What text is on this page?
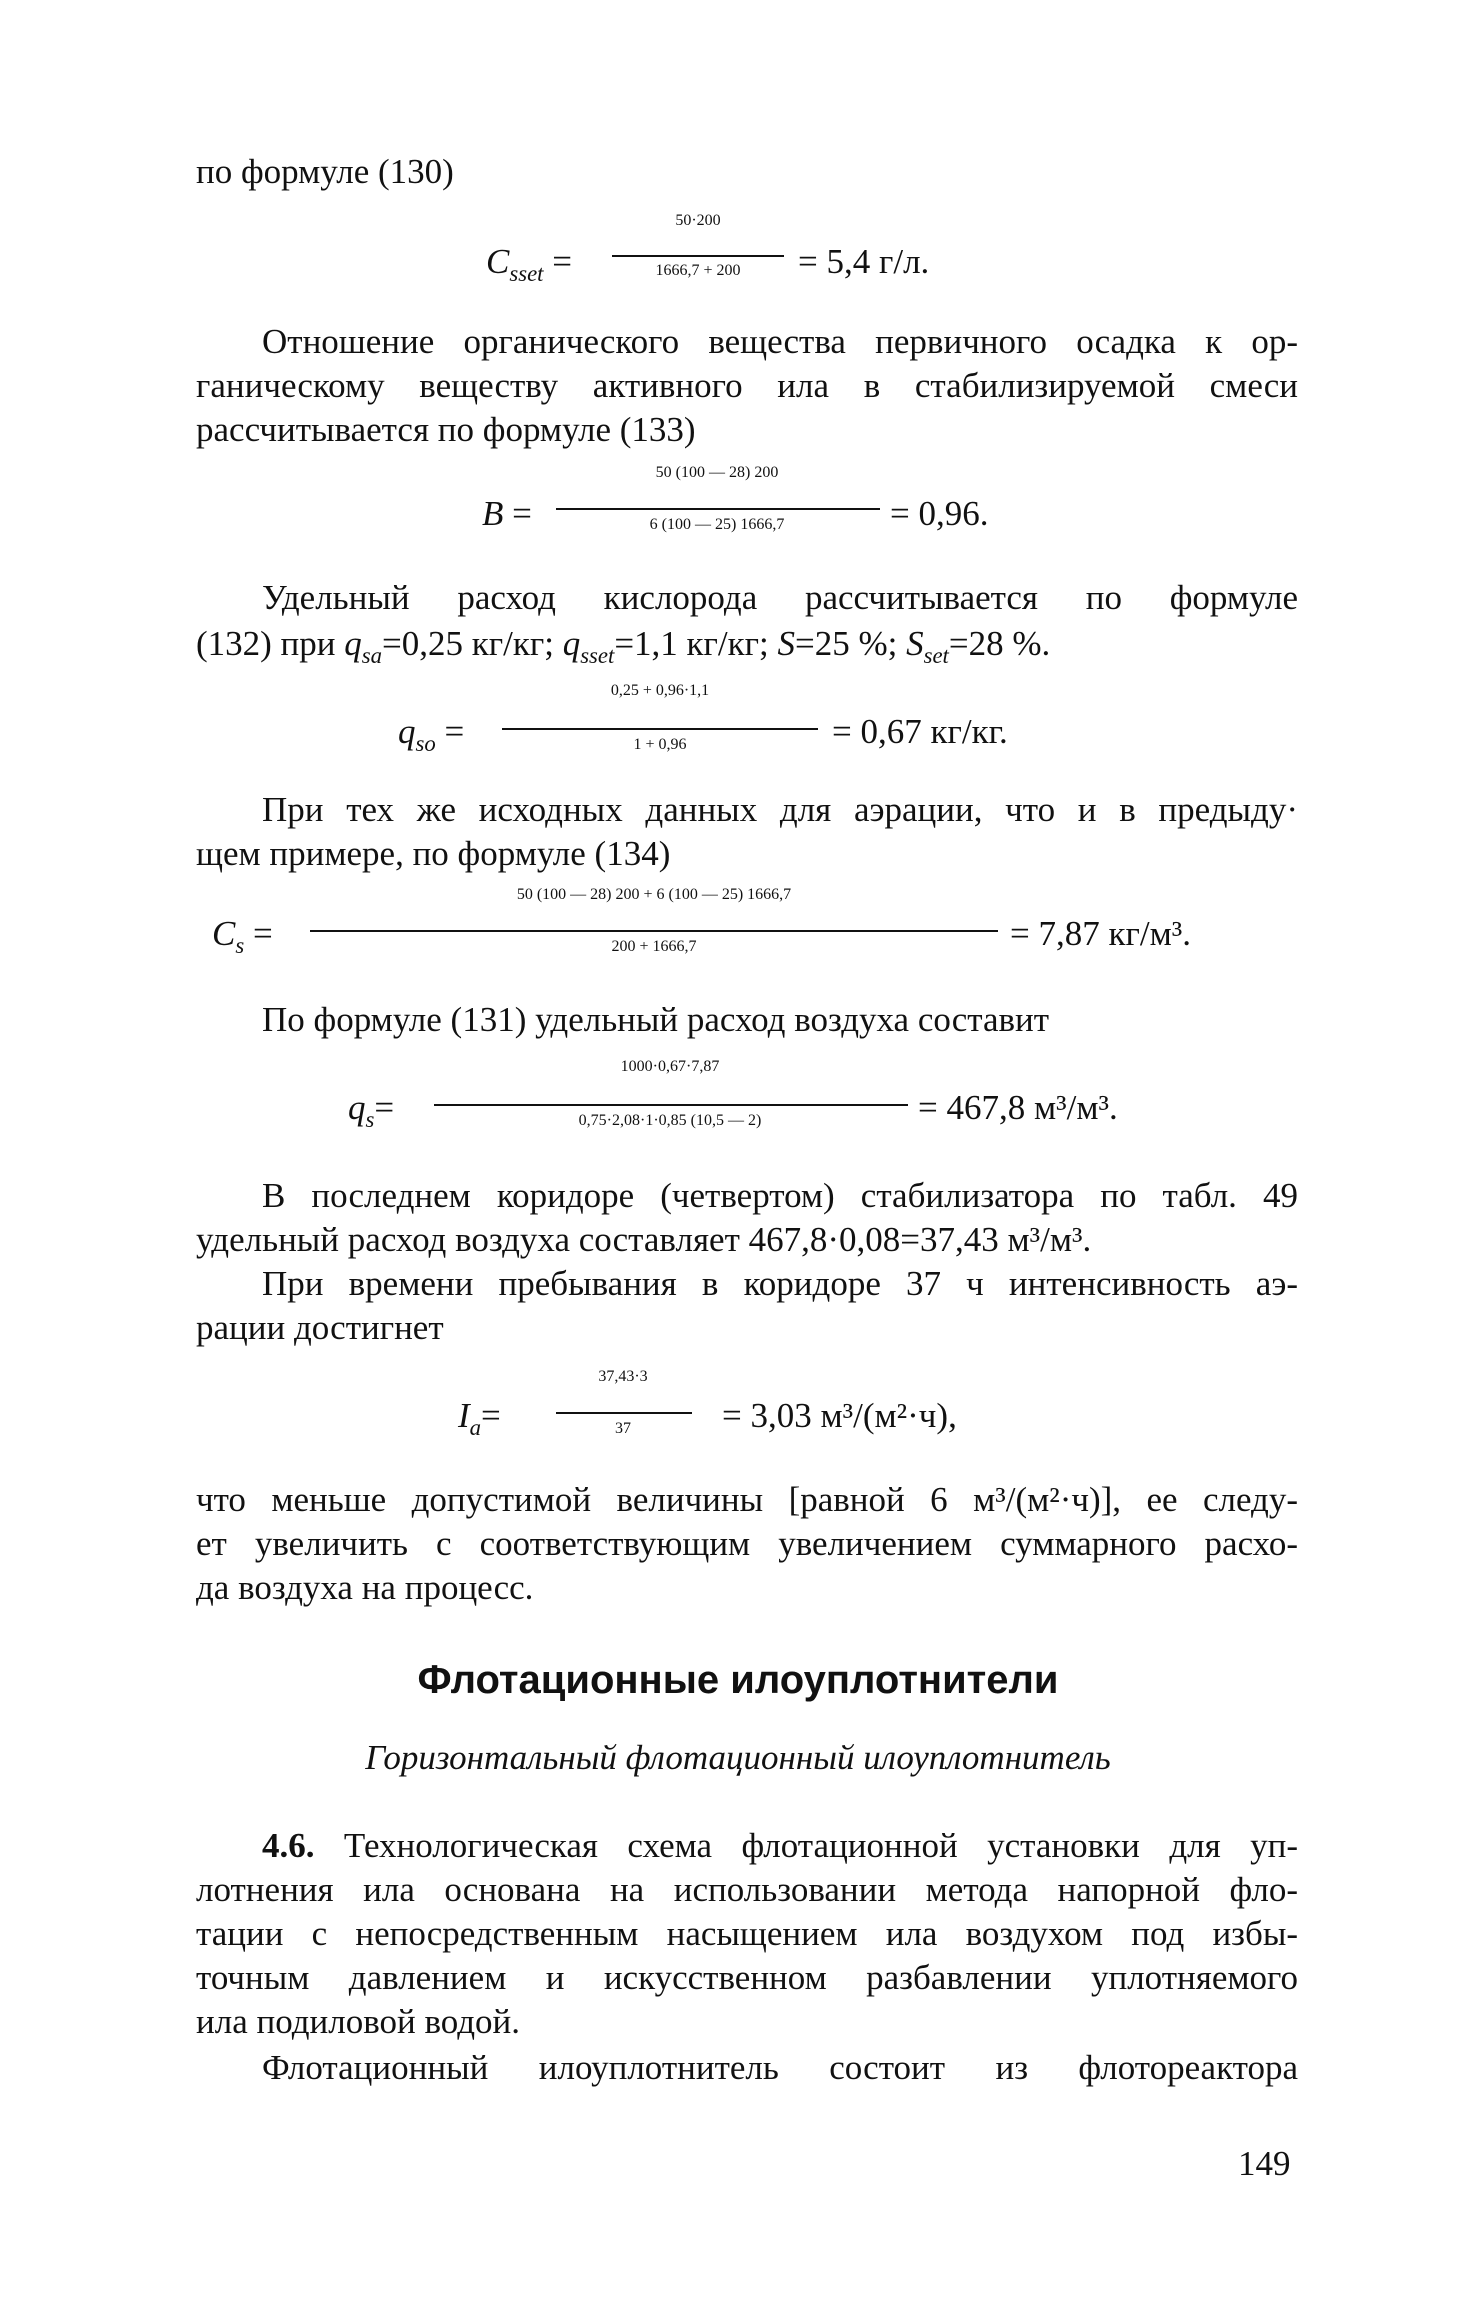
по формуле (130)
$C_{sset}$ =
50·200
1666,7 + 200	= 5,4 г/л.
Отношение органического вещества первичного осадка к ор-
ганическому веществу активного ила в стабилизируемой смеси
рассчитывается по формуле (133)
B =
50 (100 — 28) 200
6 (100 — 25) 1666,7	= 0,96.
Удельный расход кислорода рассчитывается по формуле
(132) при $q_{sa}=0,25$ кг/кг; $q_{sset}=1,1$ кг/кг; S=25 %; $S_{set}=28$ %.
$q_{so}$ =
0,25 + 0,96·1,1
1 + 0,96	= 0,67 кг/кг.
При тех же исходных данных для аэрации, что и в предыду·
щем примере, по формуле (134)
$C_s$ =
50 (100 — 28) 200 + 6 (100 — 25) 1666,7
200 + 1666,7	= 7,87 кг/м³.
По формуле (131) удельный расход воздуха составит
$q_s=$
1000·0,67·7,87
0,75·2,08·1·0,85 (10,5 — 2)	= 467,8 м³/м³.
В последнем коридоре (четвертом) стабилизатора по табл. 49
удельный расход воздуха составляет 467,8·0,08=37,43 м³/м³.
При времени пребывания в коридоре 37 ч интенсивность аэ-
рации достигнет
$I_a=$
37,43·3
37	= 3,03 м³/(м²·ч),
что меньше допустимой величины [равной 6 м³/(м²·ч)], ее следу-
ет увеличить с соответствующим увеличением суммарного расхо-
да воздуха на процесс.
Флотационные илоуплотнители
Горизонтальный флотационный илоуплотнитель
4.6. Технологическая схема флотационной установки для уп-
лотнения ила основана на использовании метода напорной фло-
тации с непосредственным насыщением ила воздухом под избы-
точным давлением и искусственном разбавлении уплотняемого
ила подиловой водой.
Флотационный илоуплотнитель состоит из флотореактора
149
